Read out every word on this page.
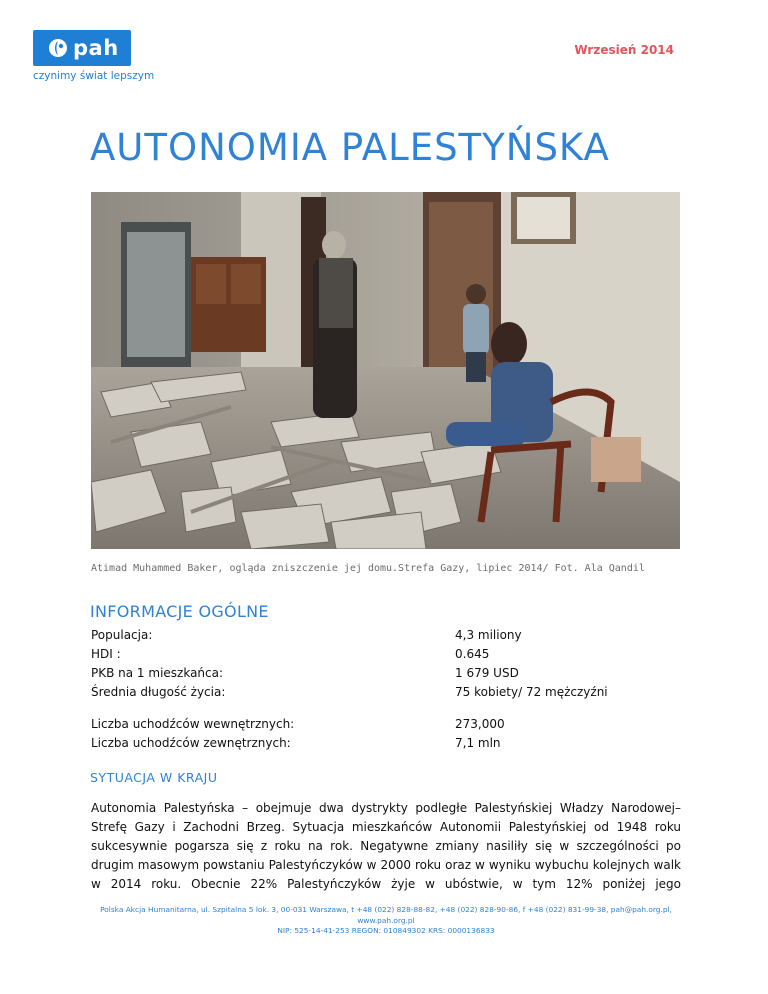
pah
czynimy świat lepszym
Wrzesień 2014
AUTONOMIA PALESTYŃSKA
Atimad Muhammed Baker, ogląda zniszczenie jej domu.Strefa Gazy, lipiec 2014/ Fot. Ala Qandil
INFORMACJE OGÓLNE
Populacja:	4,3 miliony
HDI :	0.645
PKB na 1 mieszkańca:	1 679 USD
Średnia długość życia:	75 kobiety/ 72 mężczyźni
Liczba uchodźców wewnętrznych:	273,000
Liczba uchodźców zewnętrznych:	7,1 mln
SYTUACJA W KRAJU

Autonomia Palestyńska – obejmuje dwa dystrykty podległe Palestyńskiej Władzy Narodowej– Strefę Gazy i Zachodni Brzeg. Sytuacja mieszkańców Autonomii Palestyńskiej od 1948 roku sukcesywnie pogarsza się z roku na rok. Negatywne zmiany nasiliły się w szczególności po drugim masowym powstaniu Palestyńczyków w 2000 roku oraz w wyniku wybuchu kolejnych walk w 2014 roku. Obecnie 22% Palestyńczyków żyje w ubóstwie, w tym 12% poniżej jego

Polska Akcja Humanitarna, ul. Szpitalna 5 lok. 3, 00-031 Warszawa, t +48 (022) 828-88-82, +48 (022) 828-90-86, f +48 (022) 831-99-38, pah@pah.org.pl,
www.pah.org.pl
NIP: 525-14-41-253 REGON: 010849302 KRS: 0000136833
